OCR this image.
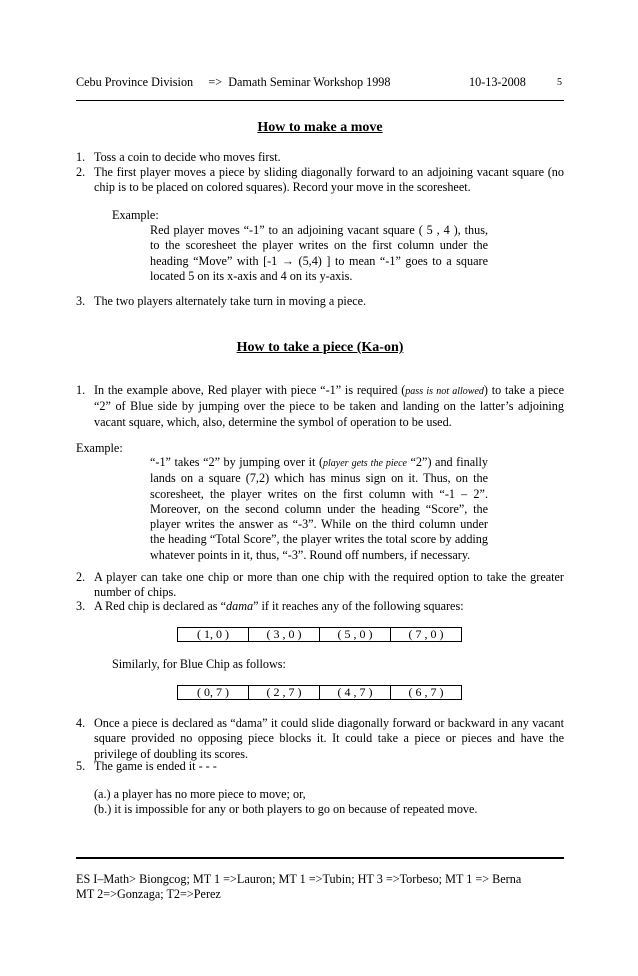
Cebu Province Division     =>  Damath Seminar Workshop 1998	10-13-2008	5
How to make a move
1. Toss a coin to decide who moves first.
2. The first player moves a piece by sliding diagonally forward to an adjoining vacant square (no chip is to be placed on colored squares). Record your move in the scoresheet.
Example:
Red player moves “-1” to an adjoining vacant square ( 5 , 4 ), thus, to the scoresheet the player writes on the first column under the heading “Move” with [-1 → (5,4) ] to mean “-1” goes to a square located 5 on its x-axis and 4 on its y-axis.
3. The two players alternately take turn in moving a piece.
How to take a piece (Ka-on)
1. In the example above, Red player with piece “-1” is required (pass is not allowed) to take a piece “2” of Blue side by jumping over the piece to be taken and landing on the latter’s adjoining vacant square, which, also, determine the symbol of operation to be used.
Example:
“-1” takes “2” by jumping over it (player gets the piece “2”) and finally lands on a square (7,2) which has minus sign on it. Thus, on the scoresheet, the player writes on the first column with “-1 – 2”. Moreover, on the second column under the heading “Score”, the player writes the answer as “-3”. While on the third column under the heading “Total Score”, the player writes the total score by adding whatever points in it, thus, “-3”. Round off numbers, if necessary.
2. A player can take one chip or more than one chip with the required option to take the greater number of chips.
3. A Red chip is declared as “dama” if it reaches any of the following squares:
( 1, 0 )	( 3 , 0 )	( 5 , 0 )	( 7 , 0 )
Similarly, for Blue Chip as follows:
( 0, 7 )	( 2 , 7 )	( 4 , 7 )	( 6 , 7 )
4. Once a piece is declared as “dama” it could slide diagonally forward or backward in any vacant square provided no opposing piece blocks it. It could take a piece or pieces and have the privilege of doubling its scores.
5. The game is ended it - - -
(a.) a player has no more piece to move; or,
(b.) it is impossible for any or both players to go on because of repeated move.
ES I–Math> Biongcog; MT 1 =>Lauron; MT 1 =>Tubin; HT 3 =>Torbeso; MT 1 => Berna
MT 2=>Gonzaga; T2=>Perez
